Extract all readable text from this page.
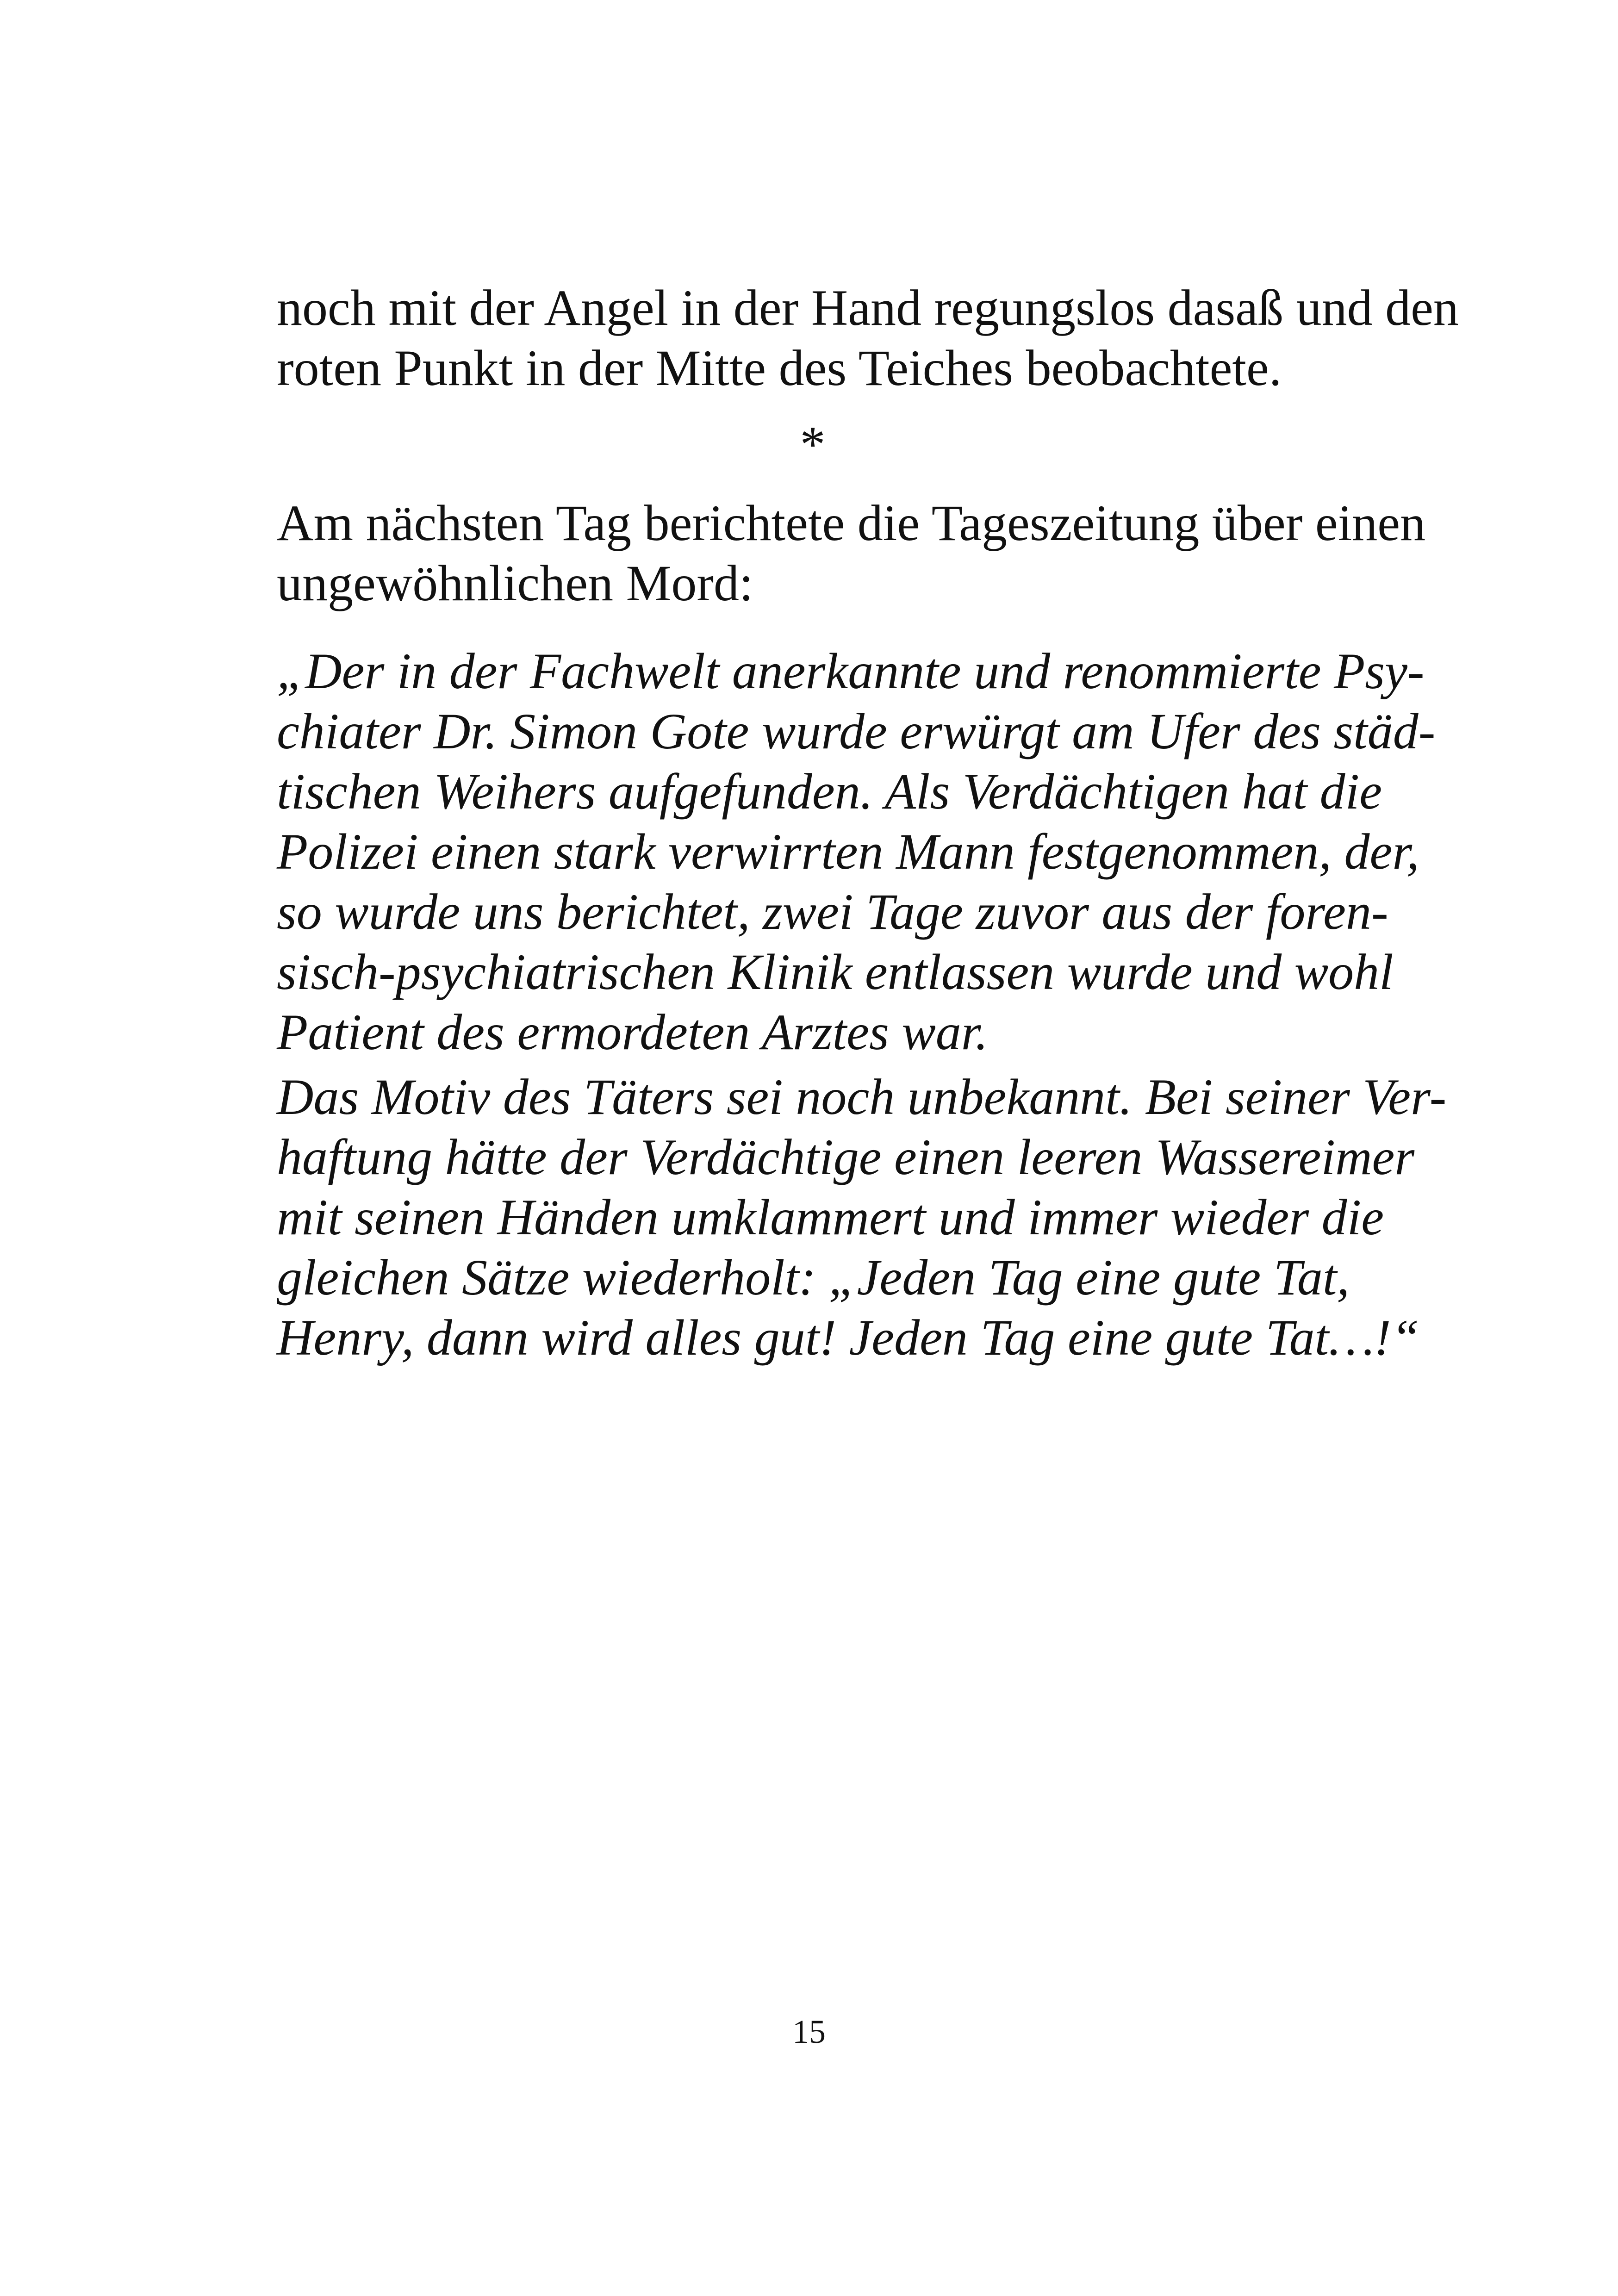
noch mit der Angel in der Hand regungslos dasaß und den
roten Punkt in der Mitte des Teiches beobachtete.
*
Am nächsten Tag berichtete die Tageszeitung über einen
ungewöhnlichen Mord:
„Der in der Fachwelt anerkannte und renommierte Psy-
chiater Dr. Simon Gote wurde erwürgt am Ufer des städ-
tischen Weihers aufgefunden. Als Verdächtigen hat die
Polizei einen stark verwirrten Mann festgenommen, der,
so wurde uns berichtet, zwei Tage zuvor aus der foren-
sisch-psychiatrischen Klinik entlassen wurde und wohl
Patient des ermordeten Arztes war.
Das Motiv des Täters sei noch unbekannt. Bei seiner Ver-
haftung hätte der Verdächtige einen leeren Wassereimer
mit seinen Händen umklammert und immer wieder die
gleichen Sätze wiederholt: „Jeden Tag eine gute Tat,
Henry, dann wird alles gut! Jeden Tag eine gute Tat…!“
15
